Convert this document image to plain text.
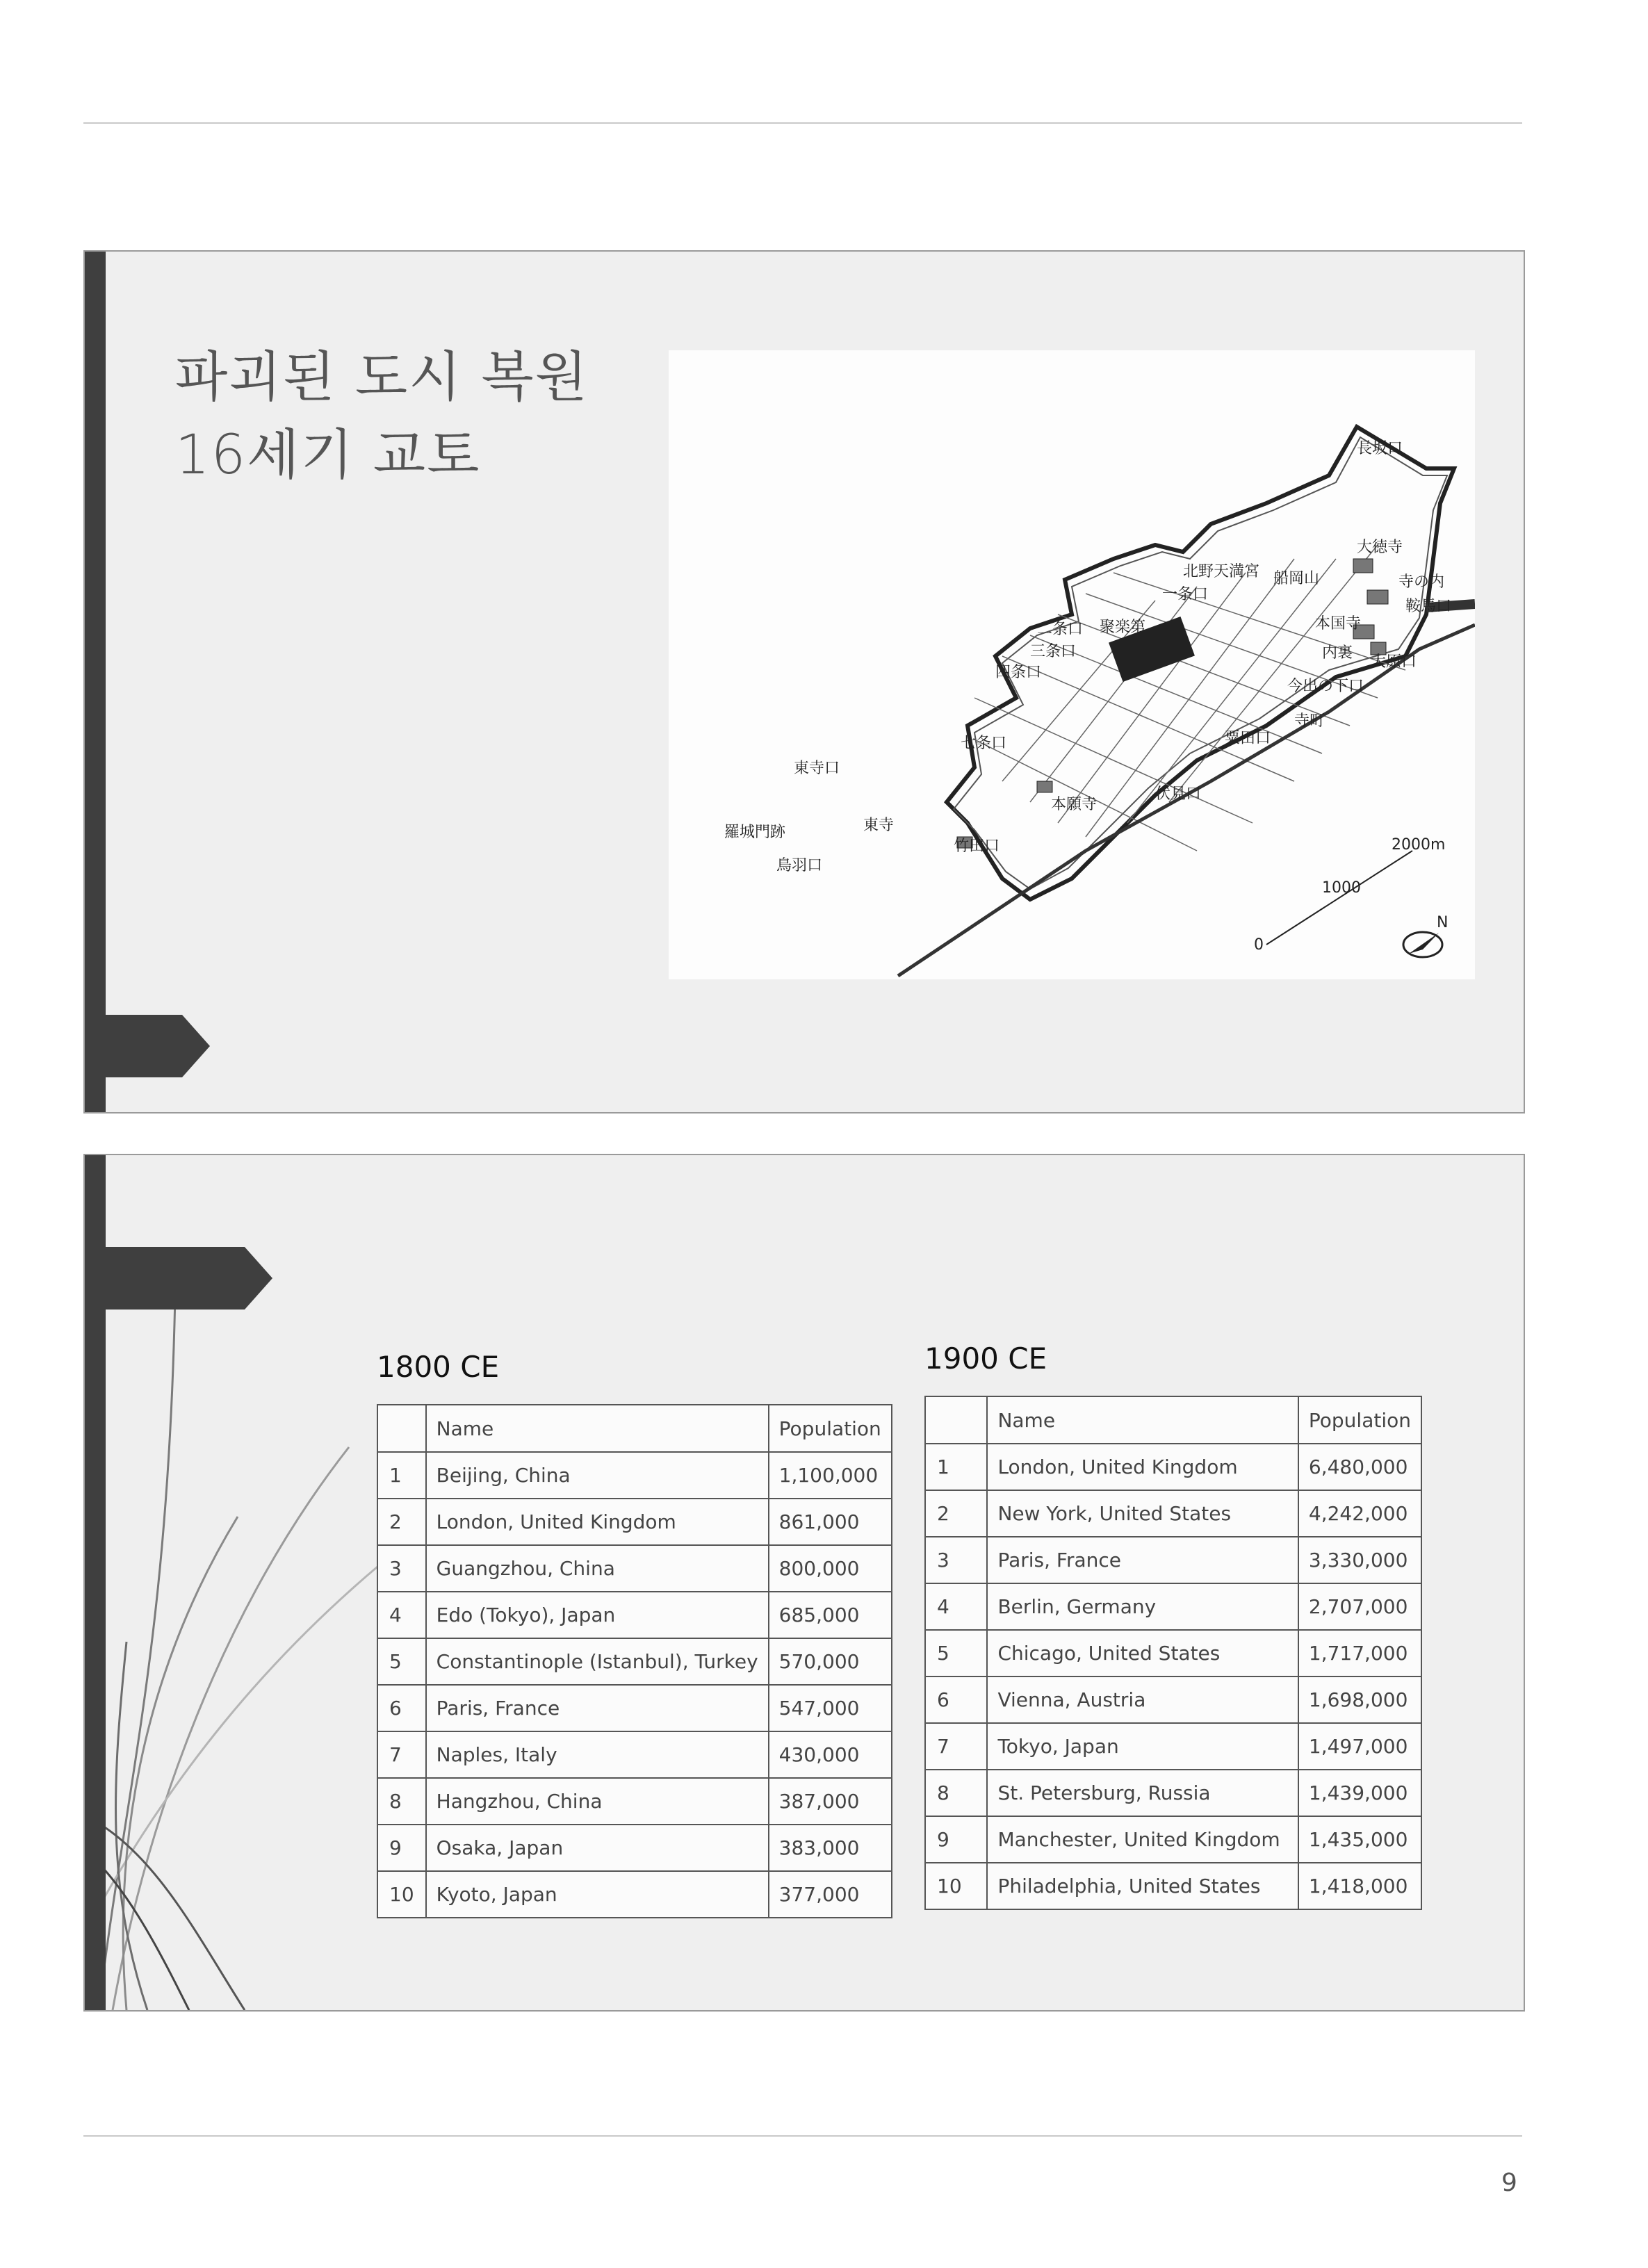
파괴된 도시 복원
16세기 교토	長坂口
大徳寺
寺の内
鞍馬口
北野天満宮 船岡山
一条口
本国寺
二条口 聚楽第
三条口	内裏
大原口
四条口
今出の下口
寺町
粟田口
七条口
東寺口
本願寺
伏見口
羅城門跡	東寺
竹田口
鳥羽口
0
1000
2000m
N
1800 CE
	Name	Population
1	Beijing, China	1,100,000
2	London, United Kingdom	861,000
3	Guangzhou, China	800,000
4	Edo (Tokyo), Japan	685,000
5	Constantinople (Istanbul), Turkey	570,000
6	Paris, France	547,000
7	Naples, Italy	430,000
8	Hangzhou, China	387,000
9	Osaka, Japan	383,000
10	Kyoto, Japan	377,000
1900 CE
	Name	Population
1	London, United Kingdom	6,480,000
2	New York, United States	4,242,000
3	Paris, France	3,330,000
4	Berlin, Germany	2,707,000
5	Chicago, United States	1,717,000
6	Vienna, Austria	1,698,000
7	Tokyo, Japan	1,497,000
8	St. Petersburg, Russia	1,439,000
9	Manchester, United Kingdom	1,435,000
10	Philadelphia, United States	1,418,000
9
